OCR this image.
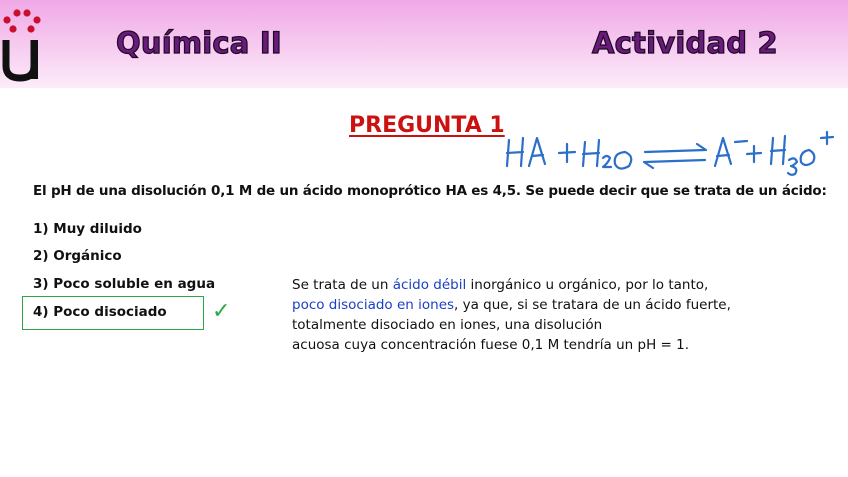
Química II	Actividad 2
PREGUNTA 1
El pH de una disolución 0,1 M de un ácido monoprótico HA es 4,5. Se puede decir que se trata de un ácido:
1) Muy diluido
2) Orgánico
3) Poco soluble en agua
4) Poco disociado ✓
Se trata de un ácido débil inorgánico u orgánico, por lo tanto,
poco disociado en iones, ya que, si se tratara de un ácido fuerte,
totalmente disociado en iones, una disolución
acuosa cuya concentración fuese 0,1 M tendría un pH = 1.
